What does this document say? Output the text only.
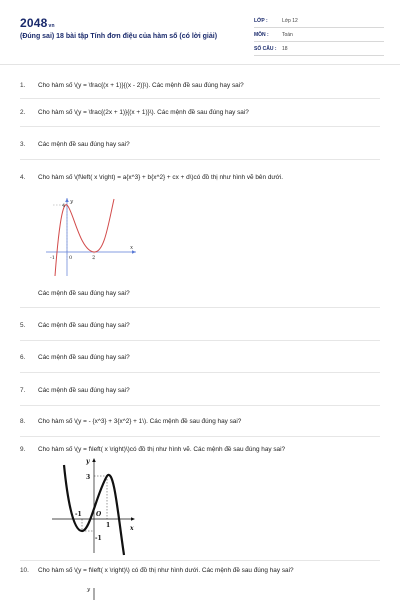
2048vn
(Đúng sai) 18 bài tập Tính đơn điệu của hàm số (có lời giải)
LỚP :	Lớp 12
MÔN :	Toán
SỐ CÂU :	18
1. Cho hàm số \(y = \frac{(x + 1)}{(x - 2)}\). Các mệnh đề sau đúng hay sai?
2. Cho hàm số \(y = \frac{(2x + 1)}{(x + 1)}\). Các mệnh đề sau đúng hay sai?
3. Các mệnh đề sau đúng hay sai?
4. Cho hàm số \(f\left( x \right) = a{x^3} + b{x^2} + cx + d\)có đồ thị như hình vẽ bên dưới.
y
x
4
-1	0	2
Các mệnh đề sau đúng hay sai?
5. Các mệnh đề sau đúng hay sai?
6. Các mệnh đề sau đúng hay sai?
7. Các mệnh đề sau đúng hay sai?
8. Cho hàm số \(y = - {x^3} + 3{x^2} + 1\). Các mệnh đề sau đúng hay sai?
9. Cho hàm số \(y = f\left( x \right)\)có đồ thị như hình vẽ. Các mệnh đề sau đúng hay sai?
y
x
3
-1 O
1
-1
10. Cho hàm số \(y = f\left( x \right)\) có đồ thị như hình dưới. Các mệnh đề sau đúng hay sai?
y
